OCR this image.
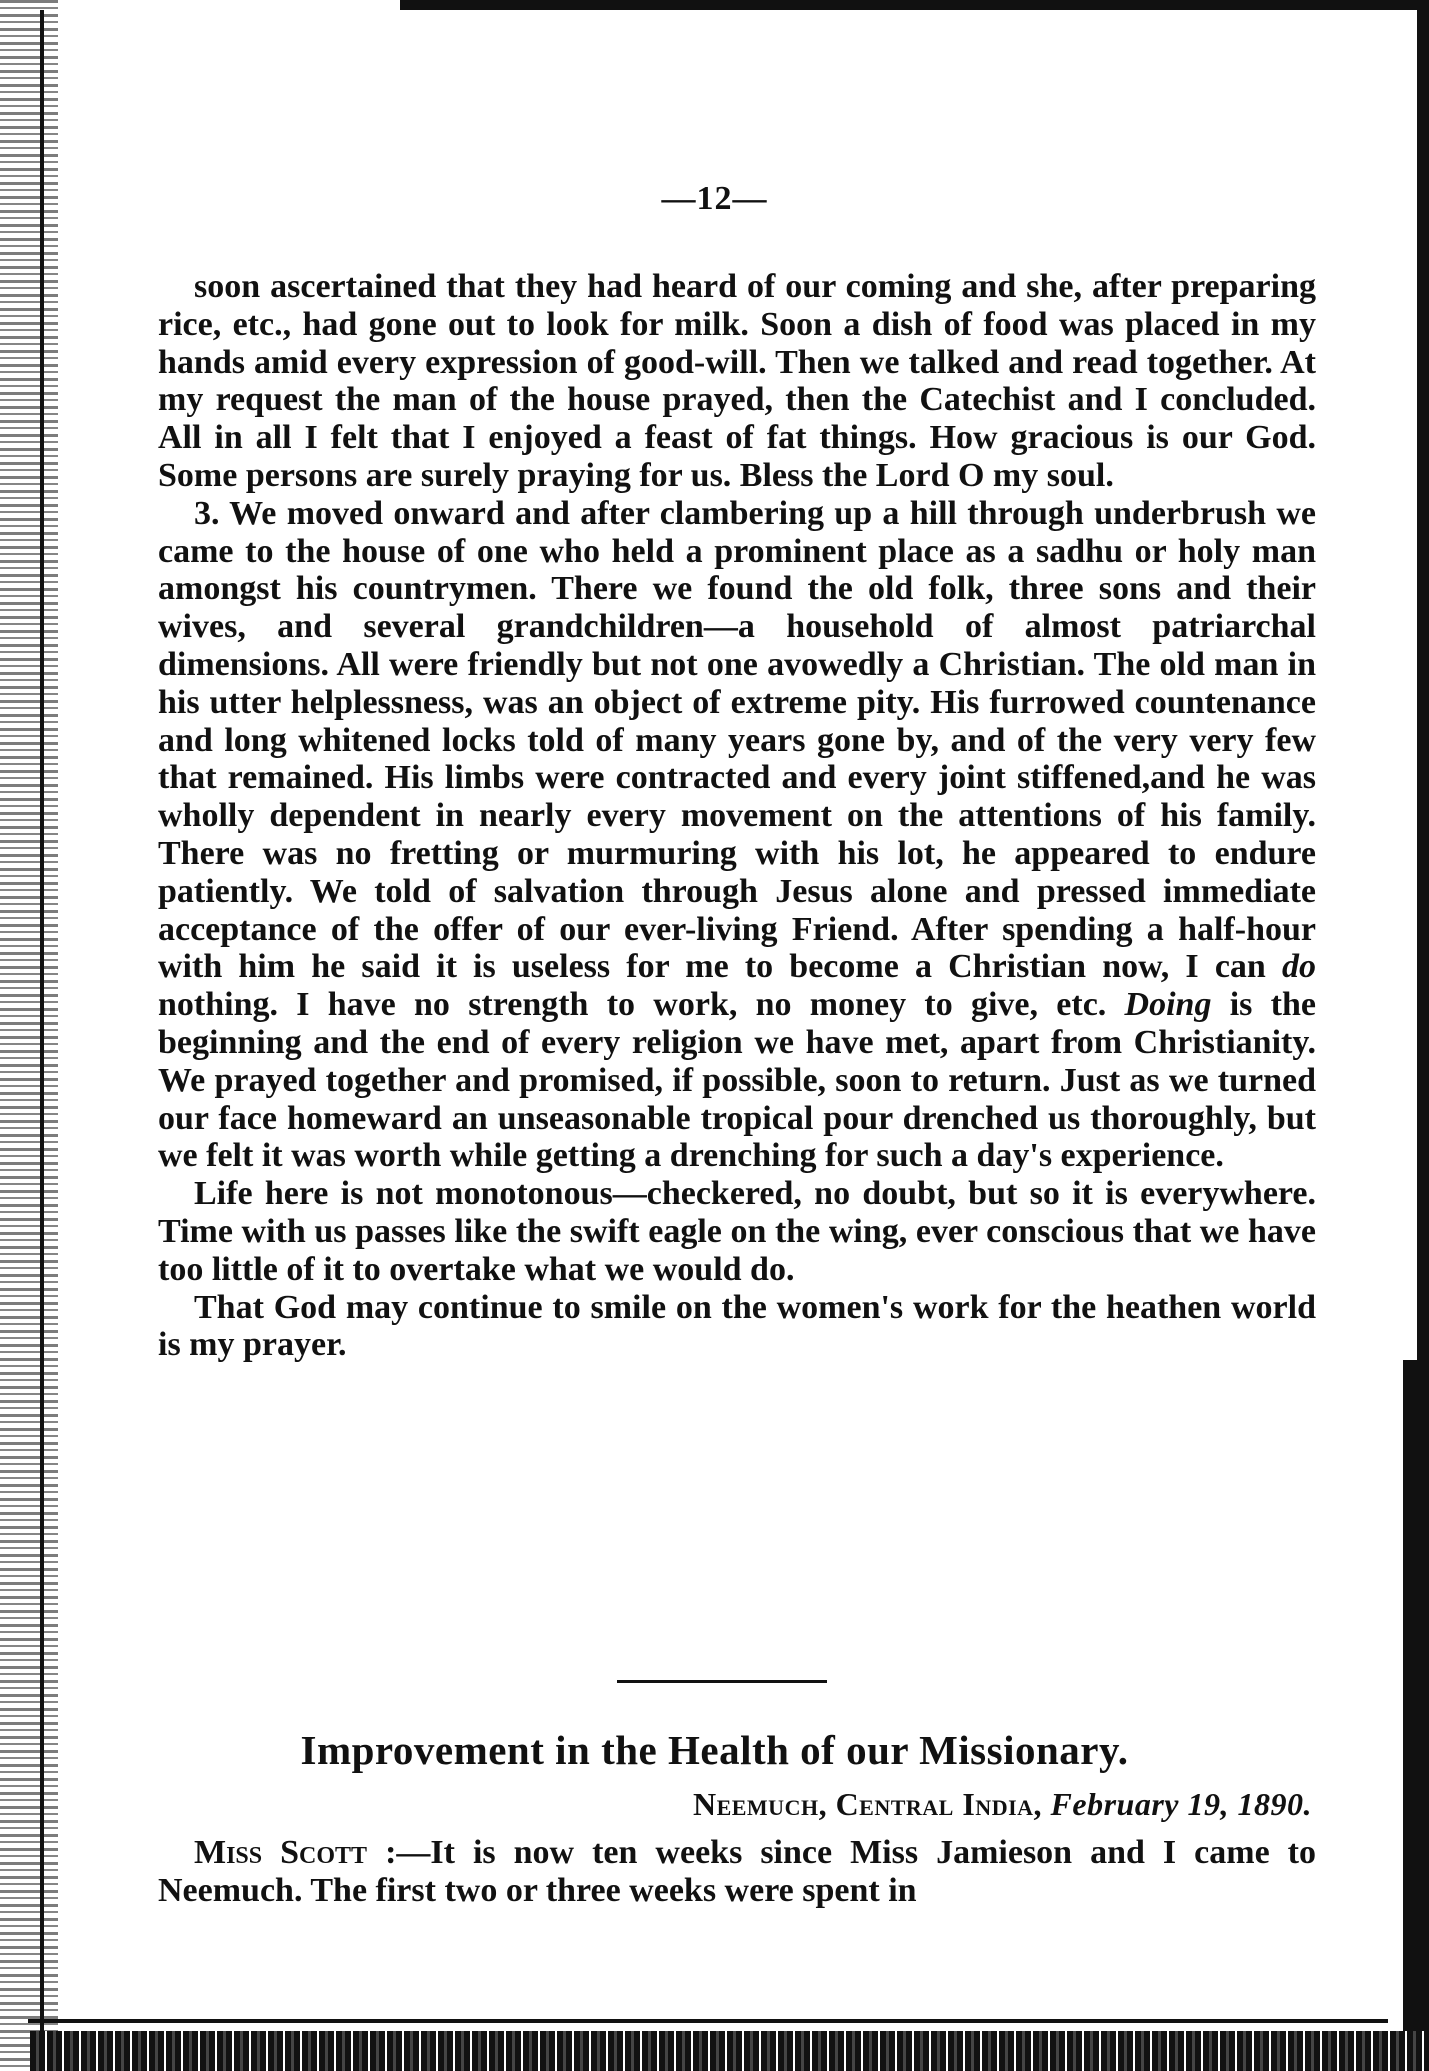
—12—

soon ascertained that they had heard of our coming and she, after preparing rice, etc., had gone out to look for milk. Soon a dish of food was placed in my hands amid every expression of good-will. Then we talked and read together. At my request the man of the house prayed, then the Catechist and I concluded. All in all I felt that I enjoyed a feast of fat things. How gracious is our God. Some persons are surely praying for us. Bless the Lord O my soul.

3. We moved onward and after clambering up a hill through underbrush we came to the house of one who held a prominent place as a sadhu or holy man amongst his countrymen. There we found the old folk, three sons and their wives, and several grandchildren—a household of almost patriarchal dimensions. All were friendly but not one avowedly a Christian. The old man in his utter helplessness, was an object of extreme pity. His furrowed countenance and long whitened locks told of many years gone by, and of the very very few that remained. His limbs were contracted and every joint stiffened,and he was wholly dependent in nearly every movement on the attentions of his family. There was no fretting or murmuring with his lot, he appeared to endure patiently. We told of salvation through Jesus alone and pressed immediate acceptance of the offer of our ever-living Friend. After spending a half-hour with him he said it is useless for me to become a Christian now, I can do nothing. I have no strength to work, no money to give, etc. Doing is the beginning and the end of every religion we have met, apart from Christianity. We prayed together and promised, if possible, soon to return. Just as we turned our face homeward an unseasonable tropical pour drenched us thoroughly, but we felt it was worth while getting a drenching for such a day's experience.

Life here is not monotonous—checkered, no doubt, but so it is everywhere. Time with us passes like the swift eagle on the wing, ever conscious that we have too little of it to overtake what we would do.

That God may continue to smile on the women's work for the heathen world is my prayer.

Improvement in the Health of our Missionary.
Neemuch, Central India, February 19, 1890.

Miss Scott :—It is now ten weeks since Miss Jamieson and I came to Neemuch. The first two or three weeks were spent in
